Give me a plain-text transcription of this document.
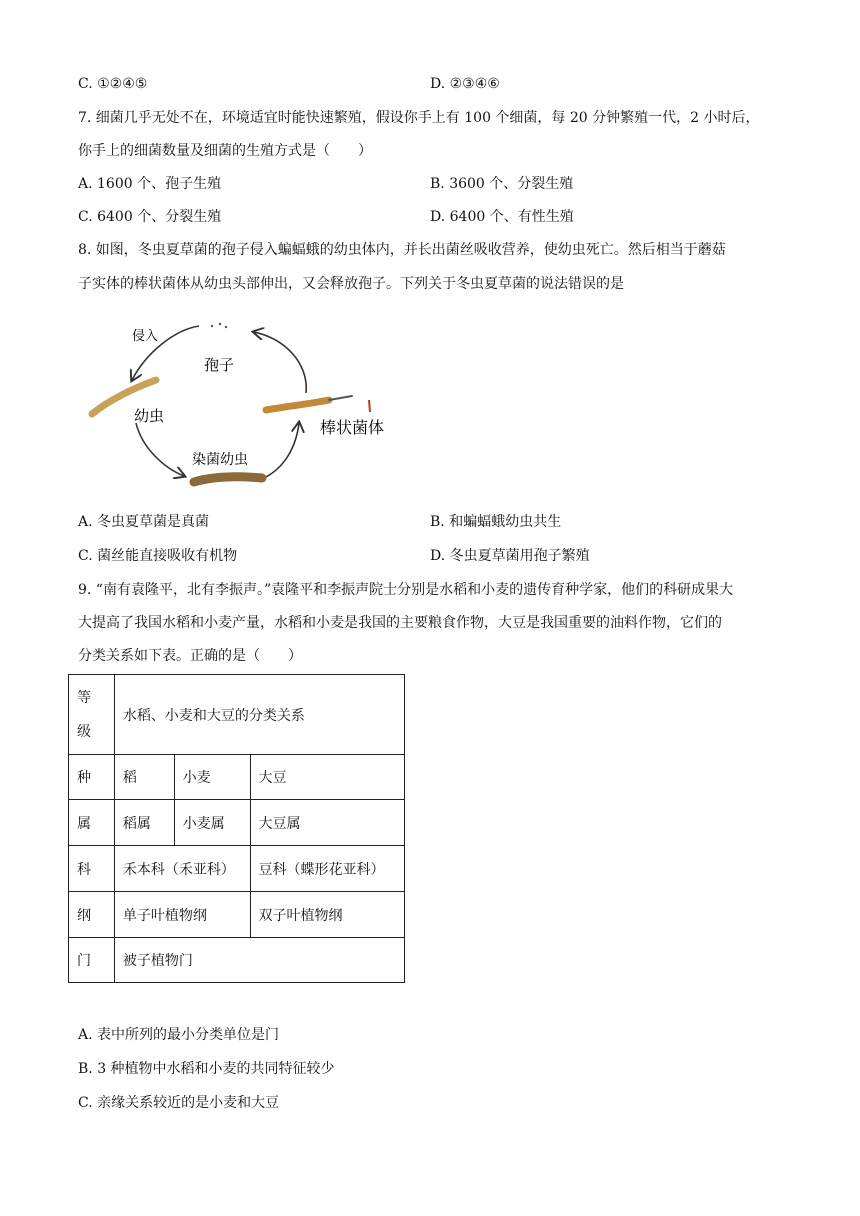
C. ①②④⑤	D. ②③④⑥
7. 细菌几乎无处不在，环境适宜时能快速繁殖，假设你手上有 100 个细菌，每 20 分钟繁殖一代，2 小时后，
你手上的细菌数量及细菌的生殖方式是（　　）
A. 1600 个、孢子生殖	B. 3600 个、分裂生殖
C. 6400 个、分裂生殖	D. 6400 个、有性生殖
8. 如图，冬虫夏草菌的孢子侵入蝙蝠蛾的幼虫体内，并长出菌丝吸收营养，使幼虫死亡。然后相当于蘑菇
子实体的棒状菌体从幼虫头部伸出，又会释放孢子。下列关于冬虫夏草菌的说法错误的是
侵入
孢子
幼虫
染菌幼虫
棒状菌体
A. 冬虫夏草菌是真菌	B. 和蝙蝠蛾幼虫共生
C. 菌丝能直接吸收有机物	D. 冬虫夏草菌用孢子繁殖
9. “南有袁隆平，北有李振声。”袁隆平和李振声院士分别是水稻和小麦的遗传育种学家，他们的科研成果大
大提高了我国水稻和小麦产量，水稻和小麦是我国的主要粮食作物，大豆是我国重要的油料作物，它们的
分类关系如下表。正确的是（　　）
等
级	水稻、小麦和大豆的分类关系		
种	稻	小麦	大豆
属	稻属	小麦属	大豆属
科	禾本科（禾亚科）		豆科（蝶形花亚科）
纲	单子叶植物纲		双子叶植物纲
门	被子植物门		
A. 表中所列的最小分类单位是门
B. 3 种植物中水稻和小麦的共同特征较少
C. 亲缘关系较近的是小麦和大豆
